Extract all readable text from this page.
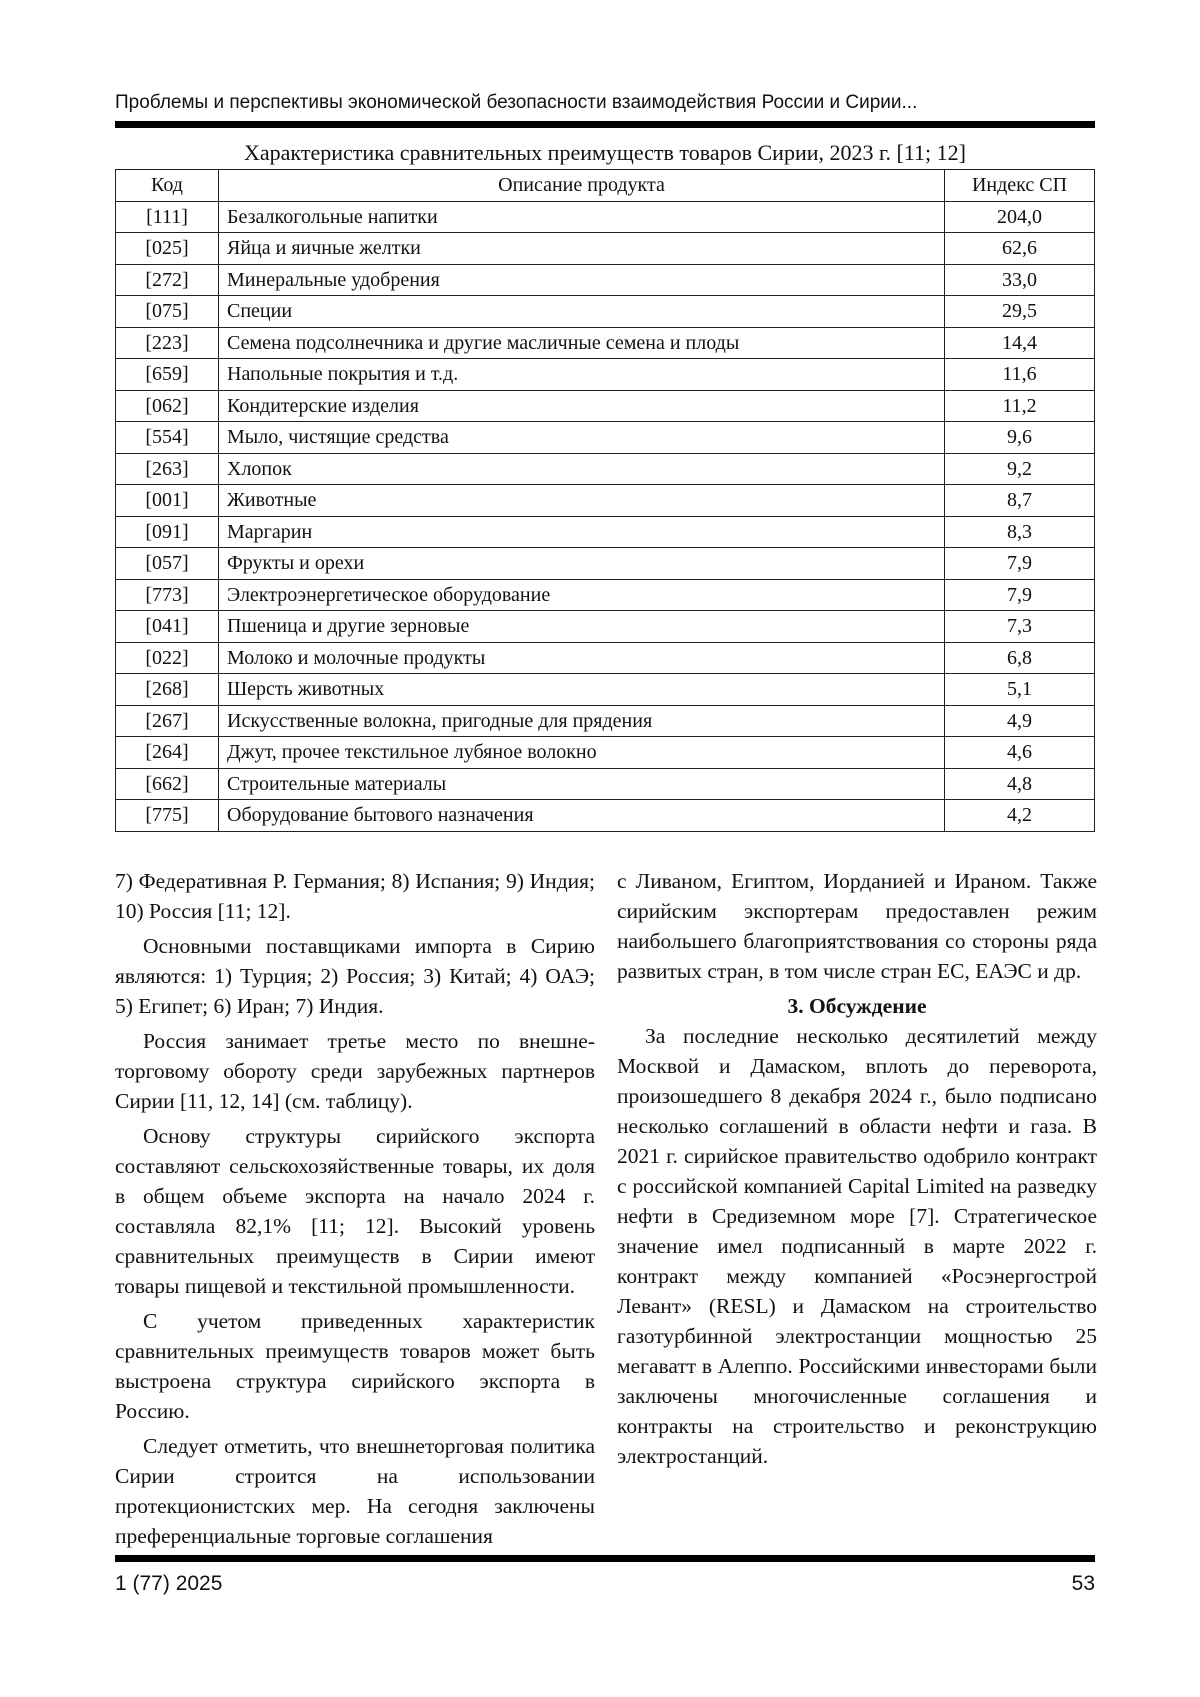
Проблемы и перспективы экономической безопасности взаимодействия России и Сирии...
Характеристика сравнительных преимуществ товаров Сирии, 2023 г. [11; 12]
Код	Описание продукта	Индекс СП
[111]	Безалкогольные напитки	204,0
[025]	Яйца и яичные желтки	62,6
[272]	Минеральные удобрения	33,0
[075]	Специи	29,5
[223]	Семена подсолнечника и другие масличные семена и плоды	14,4
[659]	Напольные покрытия и т.д.	11,6
[062]	Кондитерские изделия	11,2
[554]	Мыло, чистящие средства	9,6
[263]	Хлопок	9,2
[001]	Животные	8,7
[091]	Маргарин	8,3
[057]	Фрукты и орехи	7,9
[773]	Электроэнергетическое оборудование	7,9
[041]	Пшеница и другие зерновые	7,3
[022]	Молоко и молочные продукты	6,8
[268]	Шерсть животных	5,1
[267]	Искусственные волокна, пригодные для прядения	4,9
[264]	Джут, прочее текстильное лубяное волокно	4,6
[662]	Строительные материалы	4,8
[775]	Оборудование бытового назначения	4,2

7) Федеративная Р. Германия; 8) Испания; 9) Индия; 10) Россия [11; 12].

Основными поставщиками импорта в Сирию являются: 1) Турция; 2) Россия; 3) Китай; 4) ОАЭ; 5) Египет; 6) Иран; 7) Индия.

Россия занимает третье место по внешнеторговому обороту среди зарубежных партнеров Сирии [11, 12, 14] (см. таблицу).

Основу структуры сирийского экспорта составляют сельскохозяйственные товары, их доля в общем объеме экспорта на начало 2024 г. составляла 82,1% [11; 12]. Высокий уровень сравнительных преимуществ в Сирии имеют товары пищевой и текстильной промышленности.

С учетом приведенных характеристик сравнительных преимуществ товаров может быть выстроена структура сирийского экспорта в Россию.

Следует отметить, что внешнеторговая политика Сирии строится на использовании протекционистских мер. На сегодня заключены преференциальные торговые соглашения

с Ливаном, Египтом, Иорданией и Ираном. Также сирийским экспортерам предоставлен режим наибольшего благоприятствования со стороны ряда развитых стран, в том числе стран ЕС, ЕАЭС и др.

3. Обсуждение

За последние несколько десятилетий между Москвой и Дамаском, вплоть до переворота, произошедшего 8 декабря 2024 г., было подписано несколько соглашений в области нефти и газа. В 2021 г. сирийское правительство одобрило контракт с российской компанией Capital Limited на разведку нефти в Средиземном море [7]. Стратегическое значение имел подписанный в марте 2022 г. контракт между компанией «Росэнергострой Левант» (RESL) и Дамаском на строительство газотурбинной электростанции мощностью 25 мегаватт в Алеппо. Российскими инвесторами были заключены многочисленные соглашения и контракты на строительство и реконструкцию электростанций.

1 (77) 2025	53
